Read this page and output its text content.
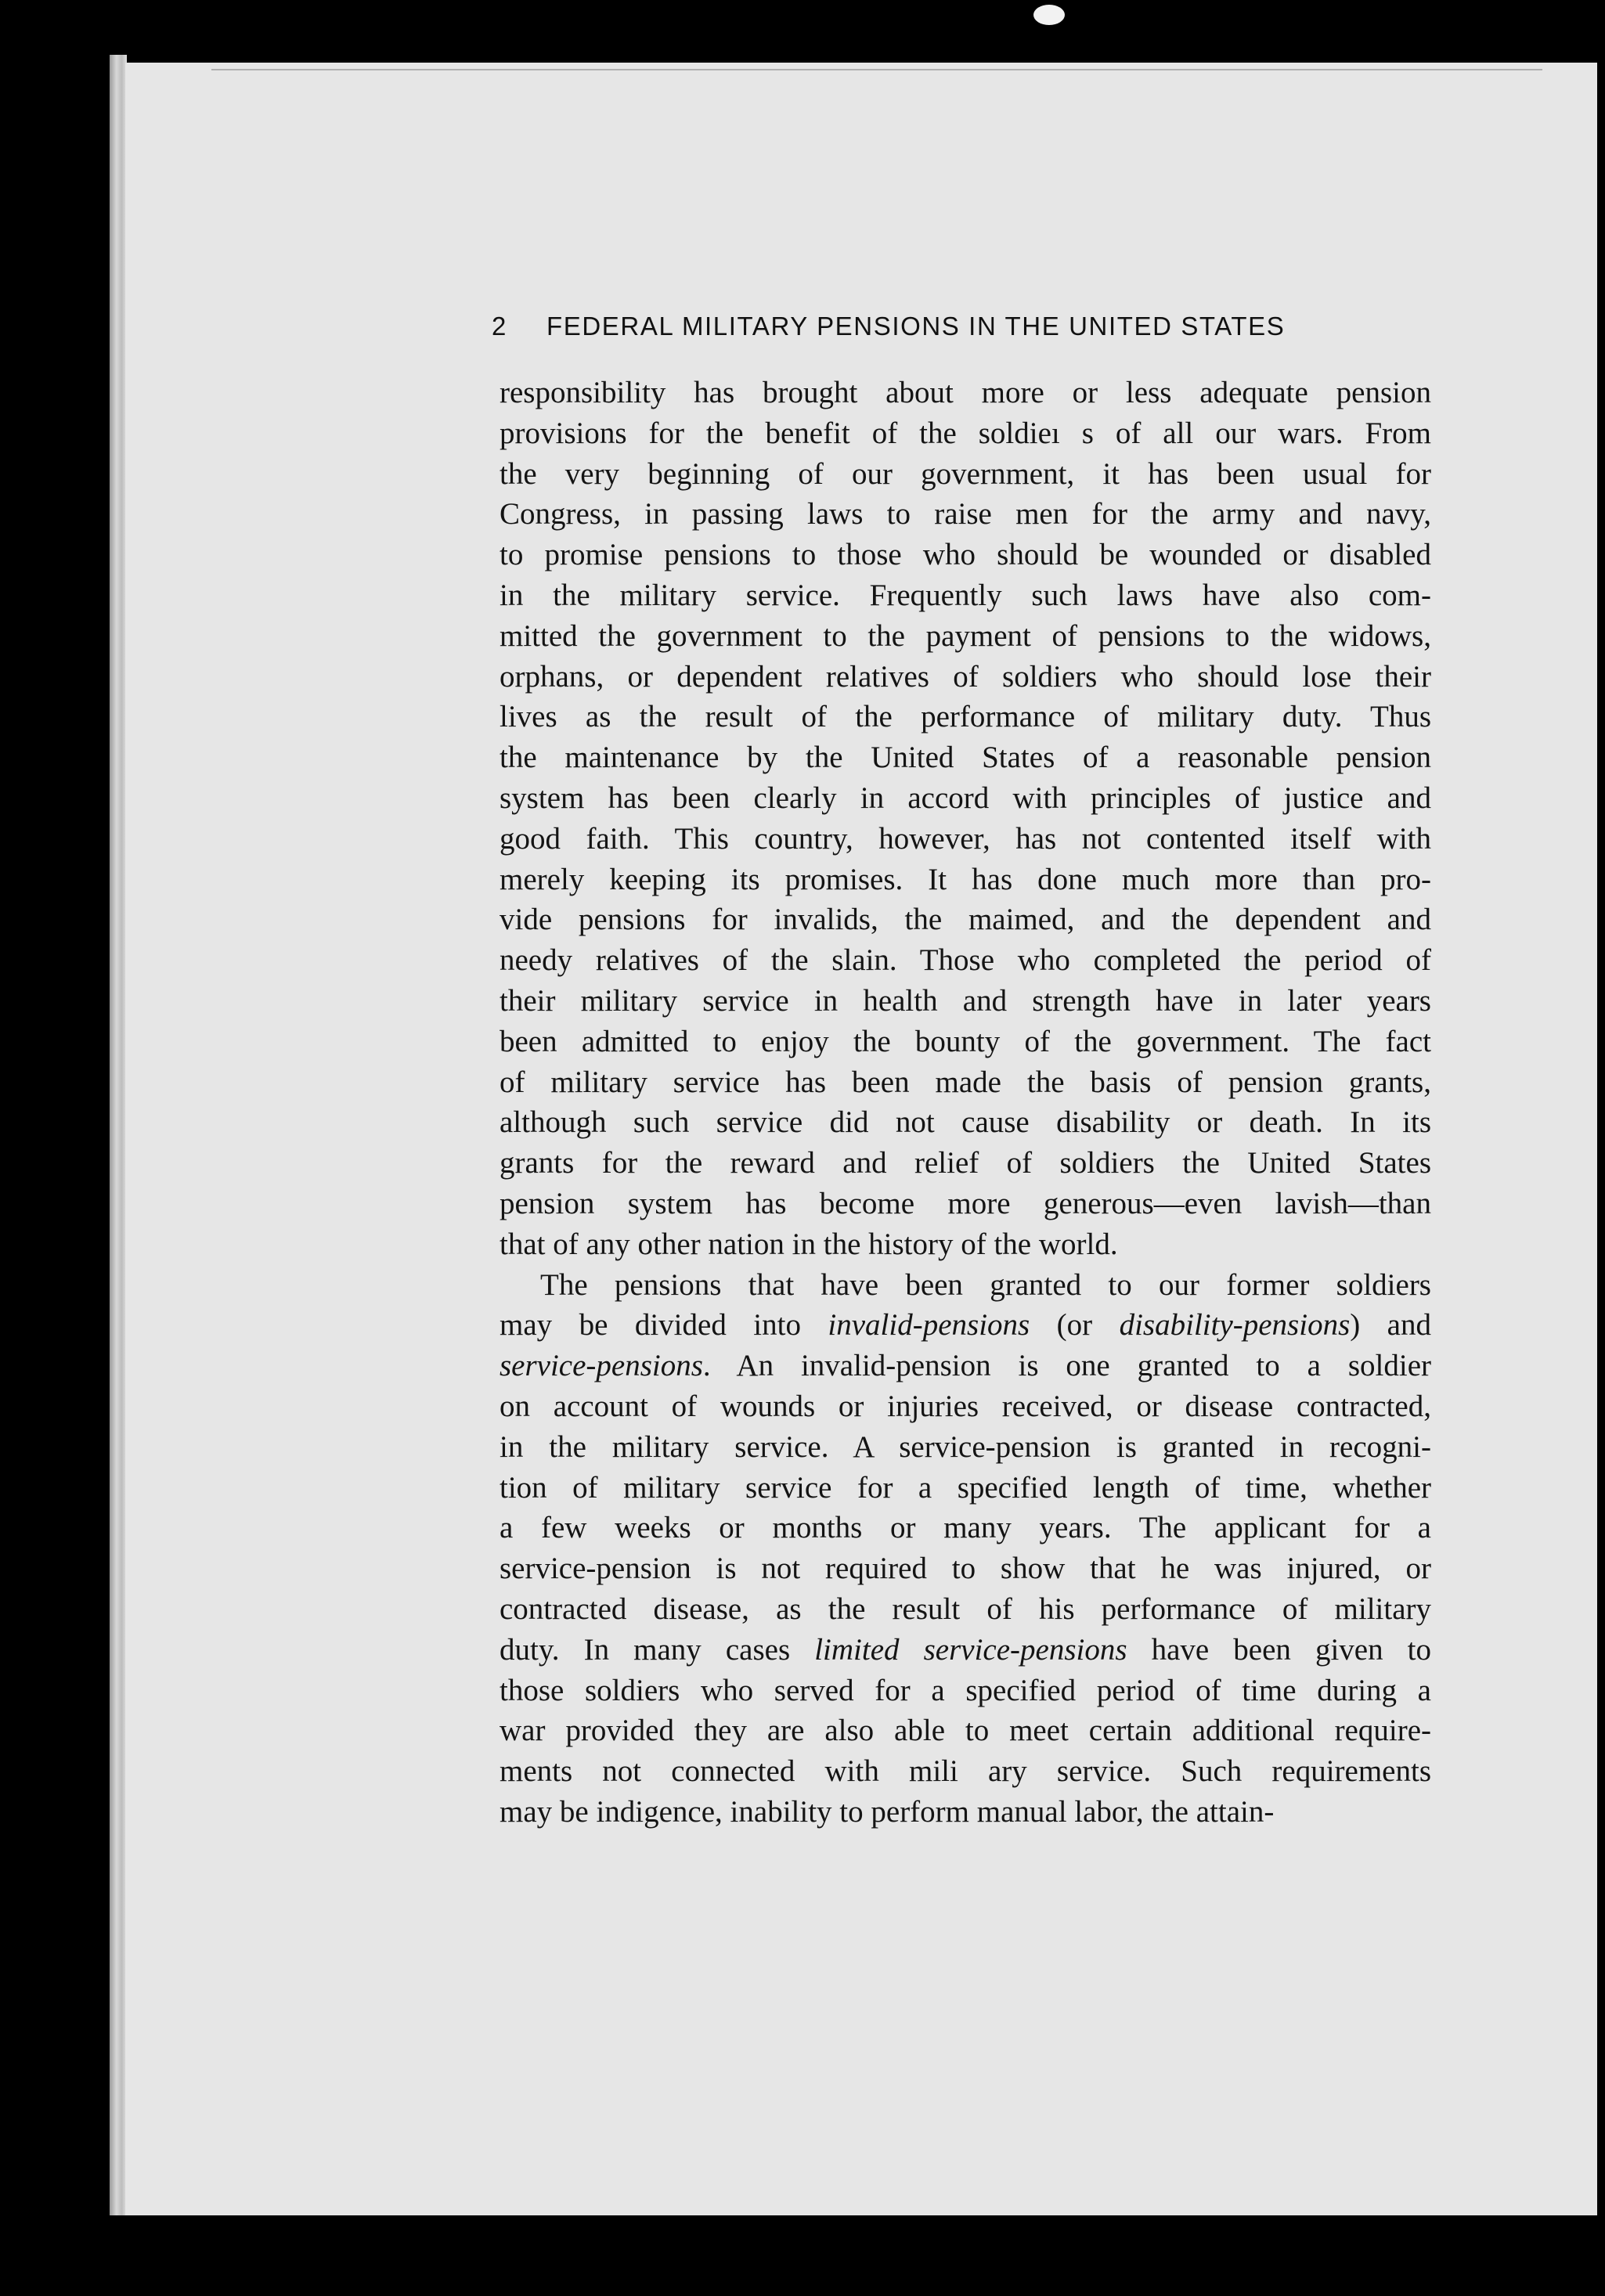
2 FEDERAL MILITARY PENSIONS IN THE UNITED STATES
responsibility has brought about more or less adequate pension
provisions for the benefit of the soldieı s of all our wars. From
the very beginning of our government, it has been usual for
Congress, in passing laws to raise men for the army and navy,
to promise pensions to those who should be wounded or disabled
in the military service. Frequently such laws have also com-
mitted the government to the payment of pensions to the widows,
orphans, or dependent relatives of soldiers who should lose their
lives as the result of the performance of military duty. Thus
the maintenance by the United States of a reasonable pension
system has been clearly in accord with principles of justice and
good faith. This country, however, has not contented itself with
merely keeping its promises. It has done much more than pro-
vide pensions for invalids, the maimed, and the dependent and
needy relatives of the slain. Those who completed the period of
their military service in health and strength have in later years
been admitted to enjoy the bounty of the government. The fact
of military service has been made the basis of pension grants,
although such service did not cause disability or death. In its
grants for the reward and relief of soldiers the United States
pension system has become more generous—even lavish—than
that of any other nation in the history of the world.
The pensions that have been granted to our former soldiers
may be divided into invalid-pensions (or disability-pensions) and
service-pensions. An invalid-pension is one granted to a soldier
on account of wounds or injuries received, or disease contracted,
in the military service. A service-pension is granted in recogni-
tion of military service for a specified length of time, whether
a few weeks or months or many years. The applicant for a
service-pension is not required to show that he was injured, or
contracted disease, as the result of his performance of military
duty. In many cases limited service-pensions have been given to
those soldiers who served for a specified period of time during a
war provided they are also able to meet certain additional require-
ments not connected with mili ary service. Such requirements
may be indigence, inability to perform manual labor, the attain-
